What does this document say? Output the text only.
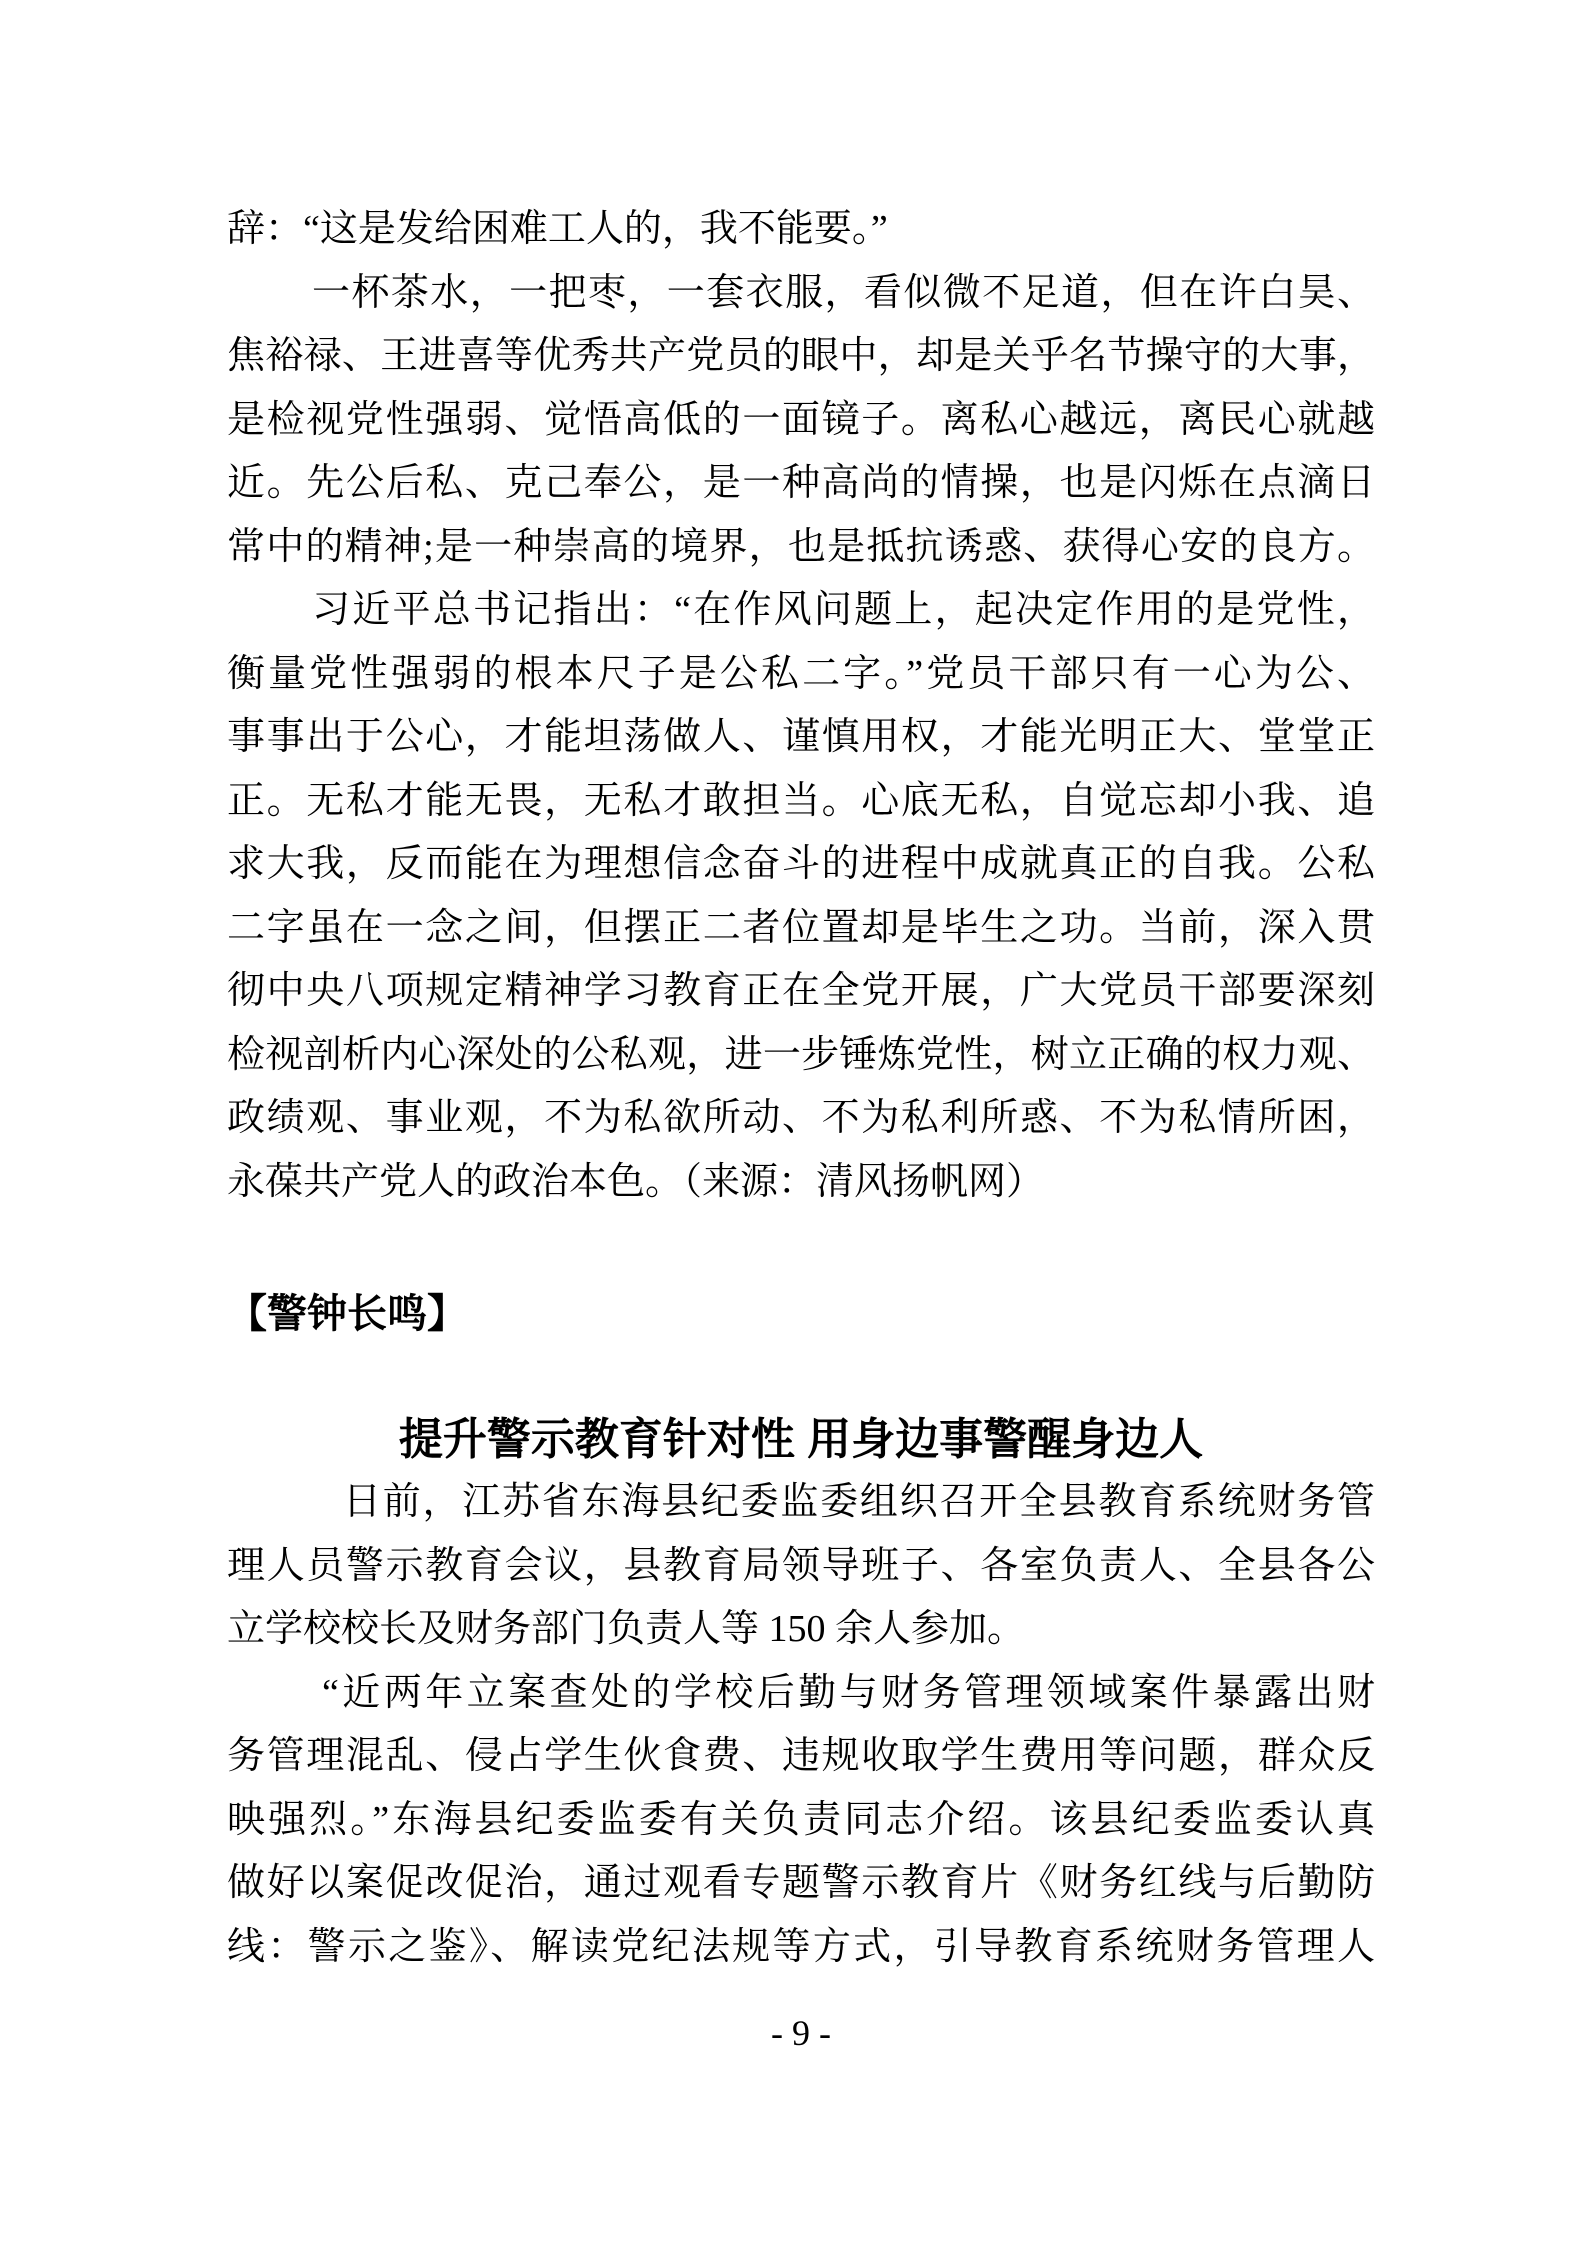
辞：“这是发给困难工人的，我不能要。”
一杯茶水，一把枣，一套衣服，看似微不足道，但在许白昊、
焦裕禄、王进喜等优秀共产党员的眼中，却是关乎名节操守的大事，
是检视党性强弱、觉悟高低的一面镜子。离私心越远，离民心就越
近。先公后私、克己奉公，是一种高尚的情操，也是闪烁在点滴日
常中的精神;是一种崇高的境界，也是抵抗诱惑、获得心安的良方。
习近平总书记指出：“在作风问题上，起决定作用的是党性，
衡量党性强弱的根本尺子是公私二字。”党员干部只有一心为公、
事事出于公心，才能坦荡做人、谨慎用权，才能光明正大、堂堂正
正。无私才能无畏，无私才敢担当。心底无私，自觉忘却小我、追
求大我，反而能在为理想信念奋斗的进程中成就真正的自我。公私
二字虽在一念之间，但摆正二者位置却是毕生之功。当前，深入贯
彻中央八项规定精神学习教育正在全党开展，广大党员干部要深刻
检视剖析内心深处的公私观，进一步锤炼党性，树立正确的权力观、
政绩观、事业观，不为私欲所动、不为私利所惑、不为私情所困，
永葆共产党人的政治本色。（来源：清风扬帆网）
【警钟长鸣】
提升警示教育针对性 用身边事警醒身边人
日前，江苏省东海县纪委监委组织召开全县教育系统财务管
理人员警示教育会议，县教育局领导班子、各室负责人、全县各公
立学校校长及财务部门负责人等 150 余人参加。
“近两年立案查处的学校后勤与财务管理领域案件暴露出财
务管理混乱、侵占学生伙食费、违规收取学生费用等问题，群众反
映强烈。”东海县纪委监委有关负责同志介绍。该县纪委监委认真
做好以案促改促治，通过观看专题警示教育片《财务红线与后勤防
线：警示之鉴》、解读党纪法规等方式，引导教育系统财务管理人
- 9 -
